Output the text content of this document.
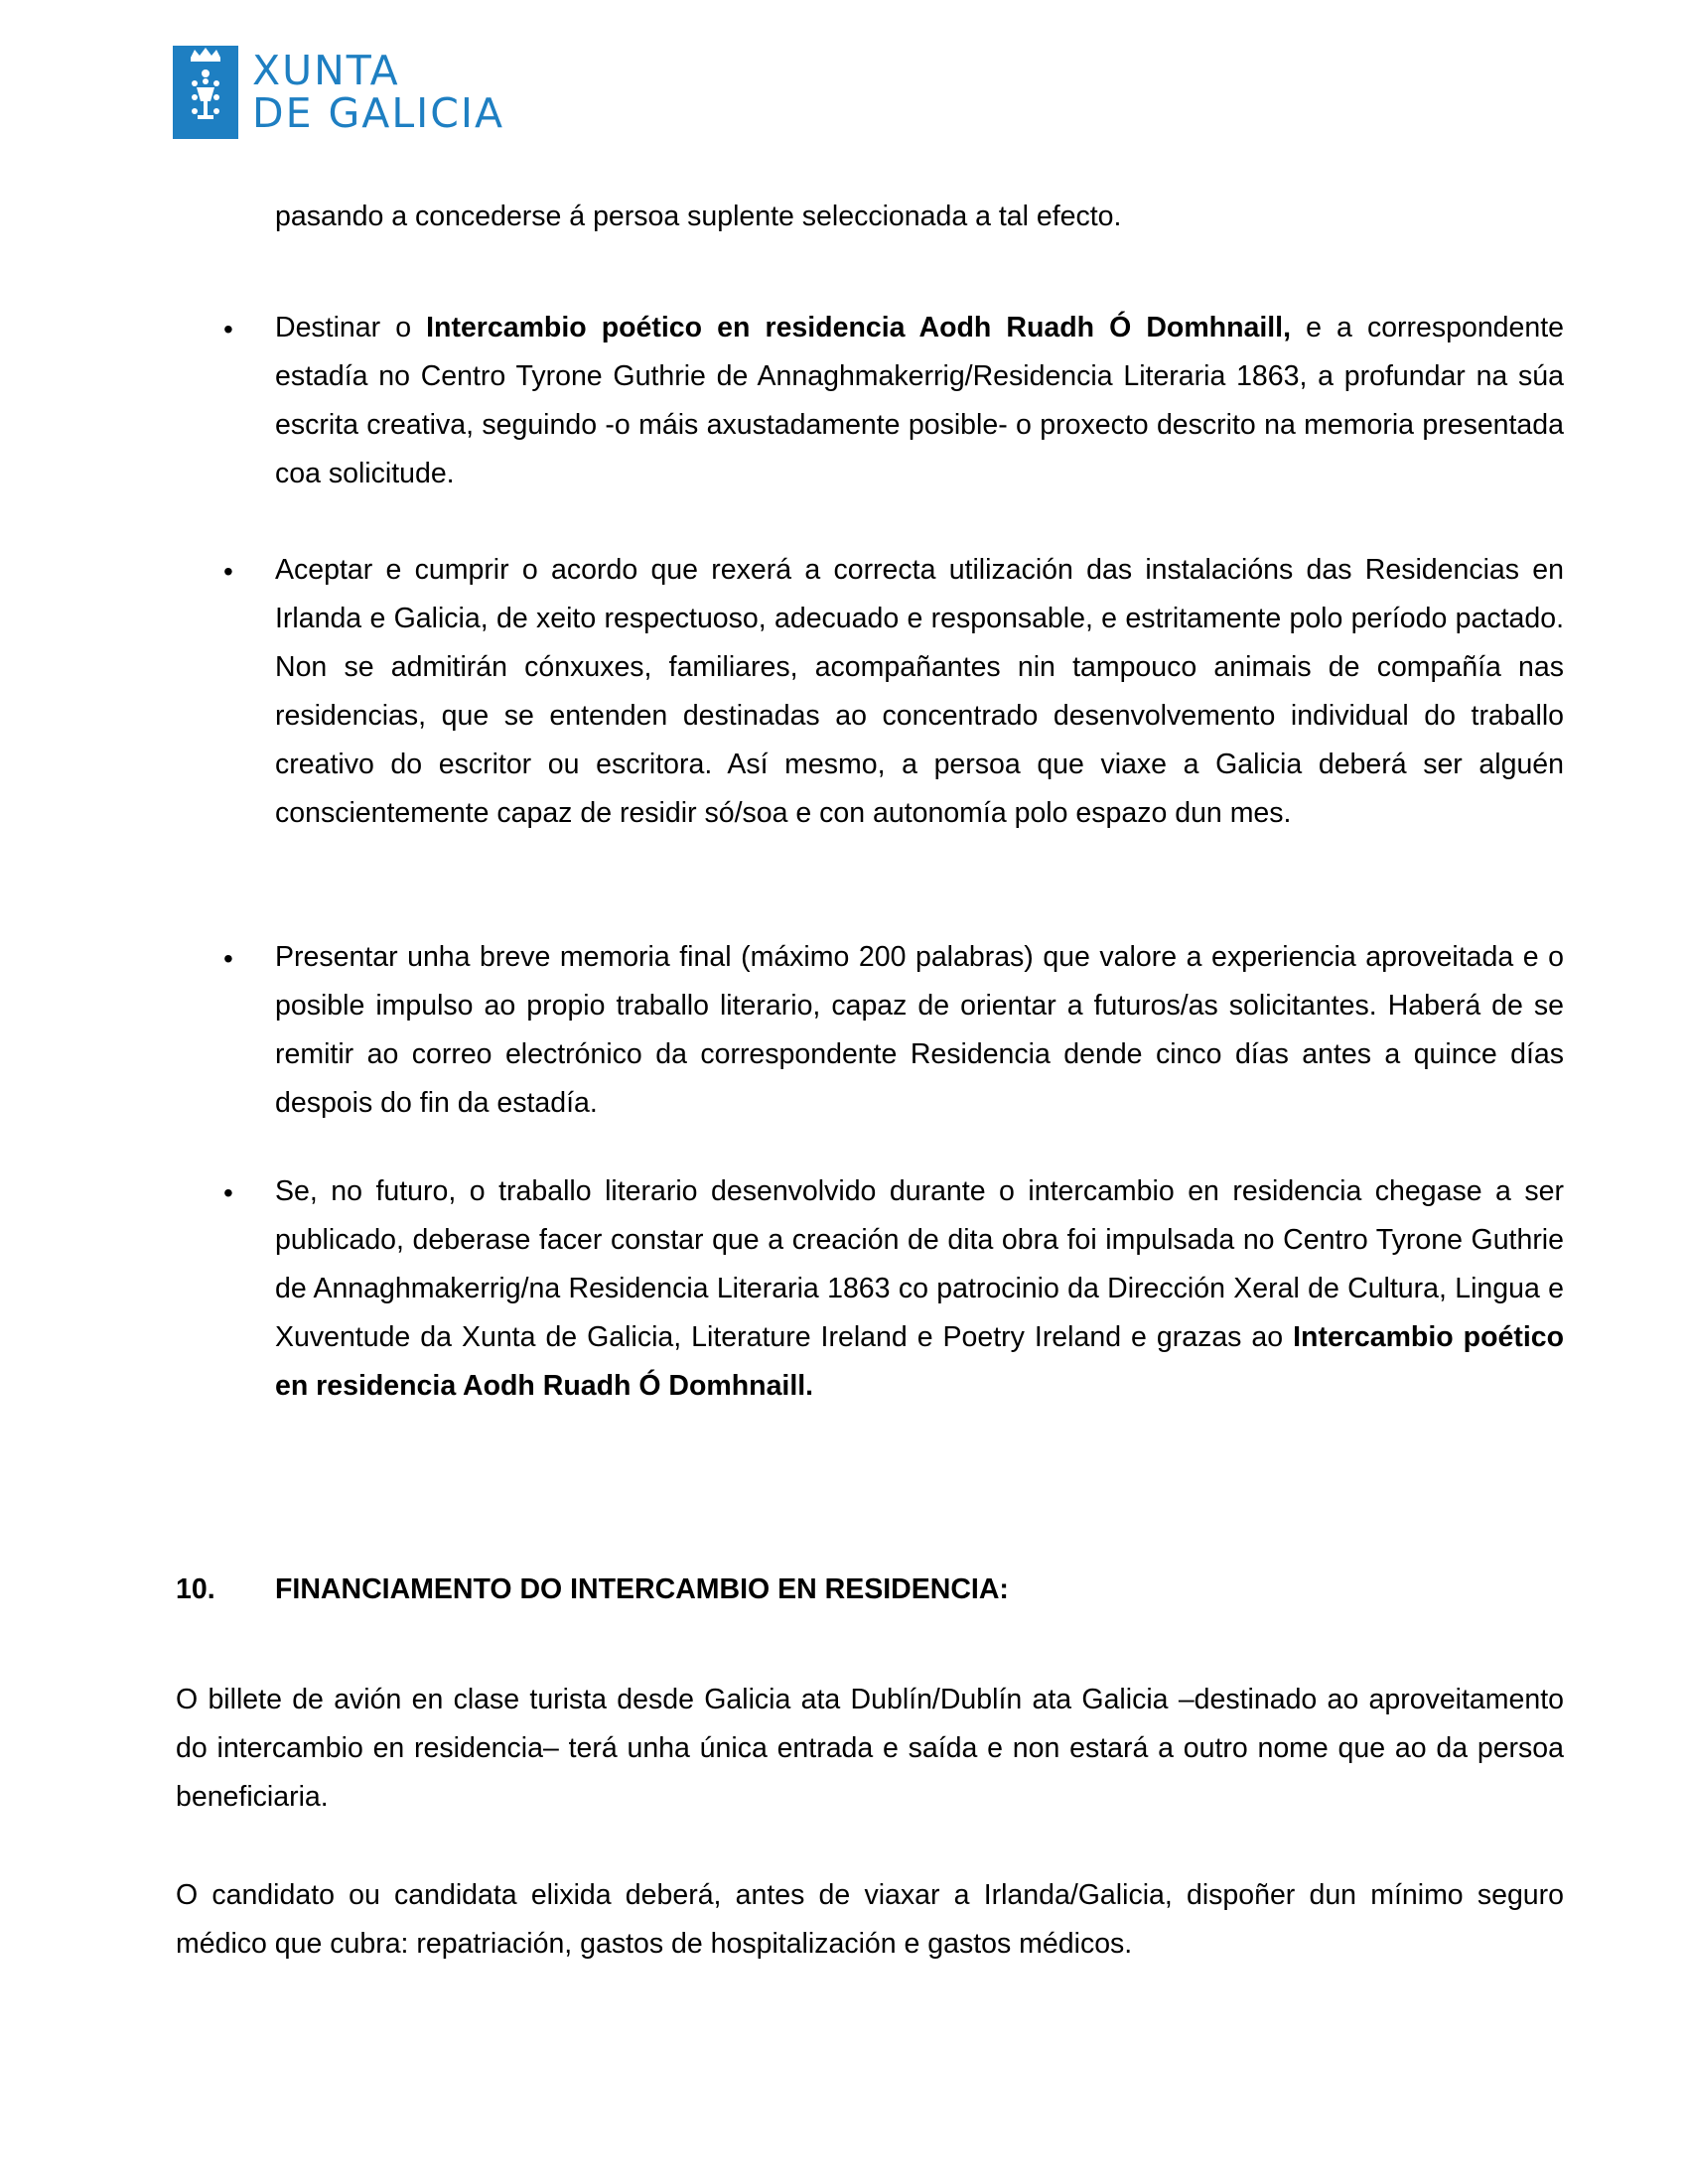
XUNTA
DE GALICIA
pasando a concederse á persoa suplente seleccionada a tal efecto.
• Destinar o Intercambio poético en residencia Aodh Ruadh Ó Domhnaill, e a correspondente estadía no Centro Tyrone Guthrie de Annaghmakerrig/Residencia Literaria 1863, a profundar na súa escrita creativa, seguindo -o máis axustadamente posible- o proxecto descrito na memoria presentada coa solicitude.
• Aceptar e cumprir o acordo que rexerá a correcta utilización das instalacións das Residencias en Irlanda e Galicia, de xeito respectuoso, adecuado e responsable, e estritamente polo período pactado. Non se admitirán cónxuxes, familiares, acompañantes nin tampouco animais de compañía nas residencias, que se entenden destinadas ao concentrado desenvolvemento individual do traballo creativo do escritor ou escritora. Así mesmo, a persoa que viaxe a Galicia deberá ser alguén conscientemente capaz de residir só/soa e con autonomía polo espazo dun mes.
• Presentar unha breve memoria final (máximo 200 palabras) que valore a experiencia aproveitada e o posible impulso ao propio traballo literario, capaz de orientar a futuros/as solicitantes. Haberá de se remitir ao correo electrónico da correspondente Residencia dende cinco días antes a quince días despois do fin da estadía.
• Se, no futuro, o traballo literario desenvolvido durante o intercambio en residencia chegase a ser publicado, deberase facer constar que a creación de dita obra foi impulsada no Centro Tyrone Guthrie de Annaghmakerrig/na Residencia Literaria 1863 co patrocinio da Dirección Xeral de Cultura, Lingua e Xuventude da Xunta de Galicia, Literature Ireland e Poetry Ireland e grazas ao Intercambio poético en residencia Aodh Ruadh Ó Domhnaill.
10. FINANCIAMENTO DO INTERCAMBIO EN RESIDENCIA:
O billete de avión en clase turista desde Galicia ata Dublín/Dublín ata Galicia –destinado ao aproveitamento do intercambio en residencia– terá unha única entrada e saída e non estará a outro nome que ao da persoa beneficiaria.
O candidato ou candidata elixida deberá, antes de viaxar a Irlanda/Galicia, dispoñer dun mínimo seguro médico que cubra: repatriación, gastos de hospitalización e gastos médicos.
